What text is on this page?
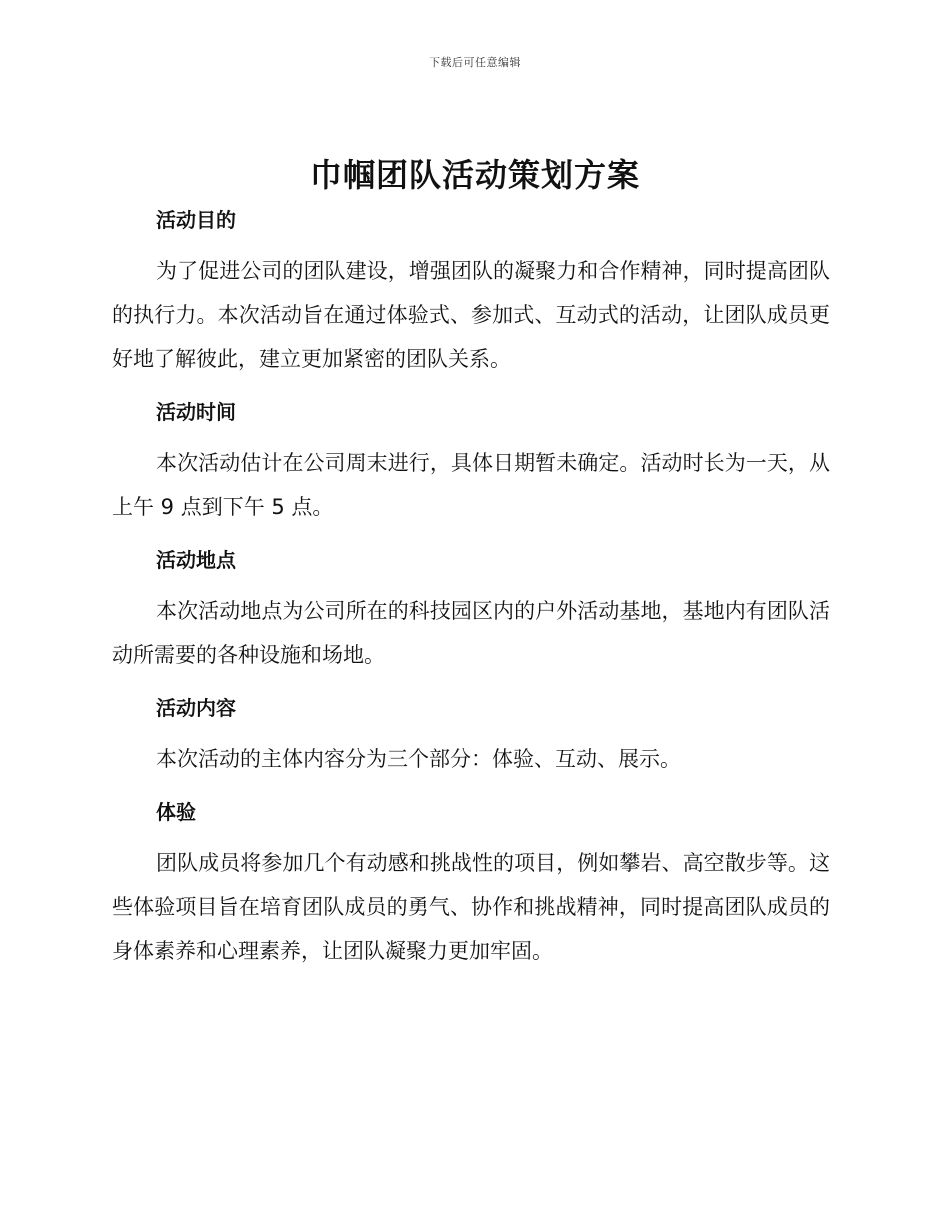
下载后可任意编辑
巾帼团队活动策划方案
活动目的

为了促进公司的团队建设，增强团队的凝聚力和合作精神，同时提高团队的执行力。本次活动旨在通过体验式、参加式、互动式的活动，让团队成员更好地了解彼此，建立更加紧密的团队关系。

活动时间

本次活动估计在公司周末进行，具体日期暂未确定。活动时长为一天，从上午 9 点到下午 5 点。

活动地点

本次活动地点为公司所在的科技园区内的户外活动基地，基地内有团队活动所需要的各种设施和场地。

活动内容

本次活动的主体内容分为三个部分：体验、互动、展示。

体验

团队成员将参加几个有动感和挑战性的项目，例如攀岩、高空散步等。这些体验项目旨在培育团队成员的勇气、协作和挑战精神，同时提高团队成员的身体素养和心理素养，让团队凝聚力更加牢固。
